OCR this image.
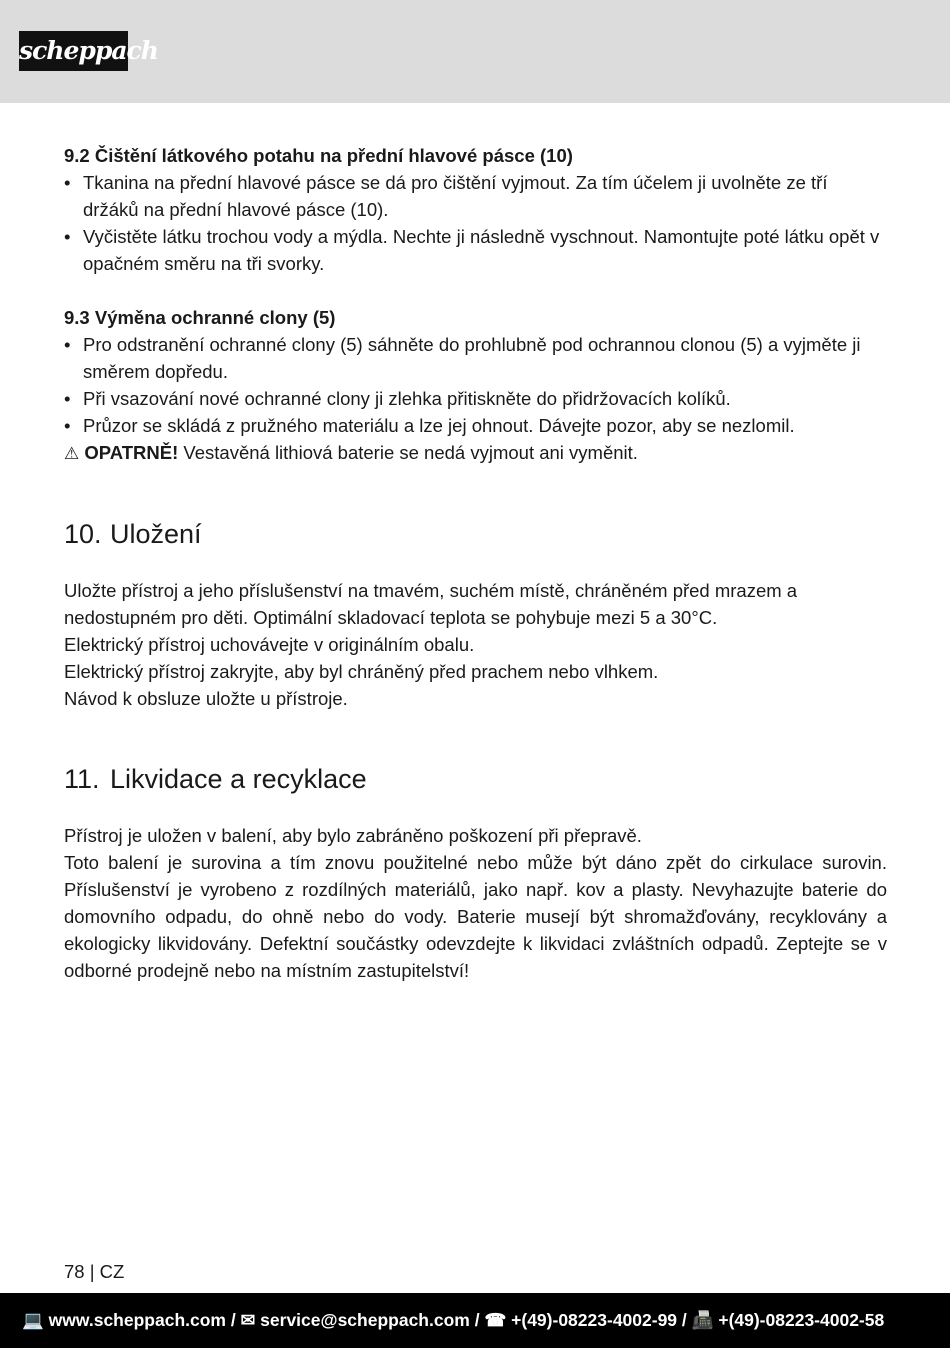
scheppach

9.2 Čištění látkového potahu na přední hlavové pásce (10)

• Tkanina na přední hlavové pásce se dá pro čištění vyjmout. Za tím účelem ji uvolněte ze tří držáků na přední hlavové pásce (10).
• Vyčistěte látku trochou vody a mýdla. Nechte ji následně vyschnout. Namontujte poté látku opět v opačném směru na tři svorky.

9.3 Výměna ochranné clony (5)

• Pro odstranění ochranné clony (5) sáhněte do prohlubně pod ochrannou clonou (5) a vyjměte ji směrem dopředu.
• Při vsazování nové ochranné clony ji zlehka přitiskněte do přidržovacích kolíků.
• Průzor se skládá z pružného materiálu a lze jej ohnout. Dávejte pozor, aby se nezlomil.

⚠ OPATRNĚ! Vestavěná lithiová baterie se nedá vyjmout ani vyměnit.

10. Uložení

Uložte přístroj a jeho příslušenství na tmavém, suchém místě, chráněném před mrazem a nedostupném pro děti. Optimální skladovací teplota se pohybuje mezi 5 a 30°C.

Elektrický přístroj uchovávejte v originálním obalu.

Elektrický přístroj zakryjte, aby byl chráněný před prachem nebo vlhkem.

Návod k obsluze uložte u přístroje.

11. Likvidace a recyklace

Přístroj je uložen v balení, aby bylo zabráněno poškození při přepravě.

Toto balení je surovina a tím znovu použitelné nebo může být dáno zpět do cirkulace surovin. Příslušenství je vyrobeno z rozdílných materiálů, jako např. kov a plasty. Nevyhazujte baterie do domovního odpadu, do ohně nebo do vody. Baterie musejí být shromažďovány, recyklovány a ekologicky likvidovány. Defektní součástky odevzdejte k likvidaci zvláštních odpadů. Zeptejte se v odborné prodejně nebo na místním zastupitelství!

78 | CZ
💻 www.scheppach.com / ✉ service@scheppach.com / ☎ +(49)-08223-4002-99 / 📠 +(49)-08223-4002-58
